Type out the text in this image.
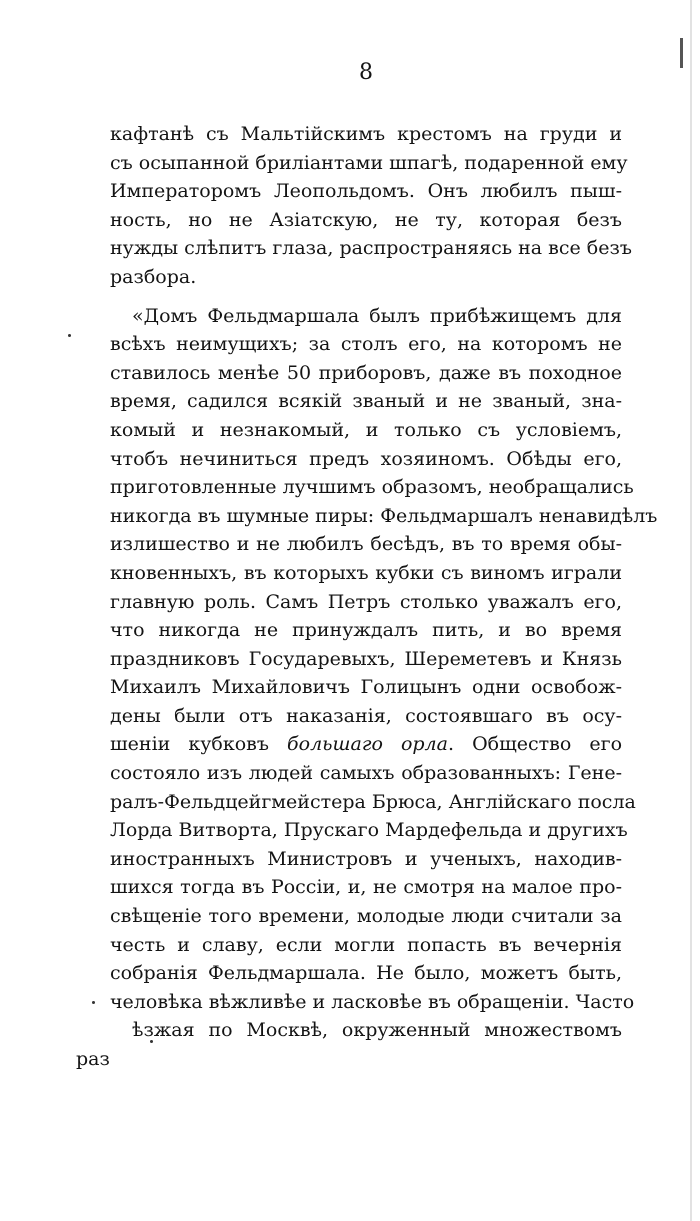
8
кафтанѣ съ Мальтійскимъ крестомъ на груди и
съ осыпанной бриліантами шпагѣ, подаренной ему
Императоромъ Леопольдомъ. Онъ любилъ пыш-
ность, но не Азіатскую, не ту, которая безъ
нужды слѣпитъ глаза, распространяясь на все безъ
разбора.
«Домъ Фельдмаршала былъ прибѣжищемъ для
всѣхъ неимущихъ; за столъ его, на которомъ не
ставилось менѣе 50 приборовъ, даже въ походное
время, садился всякій званый и не званый, зна-
комый и незнакомый, и только съ условіемъ,
чтобъ нечиниться предъ хозяиномъ. Обѣды его,
приготовленные лучшимъ образомъ, необращались
никогда въ шумные пиры: Фельдмаршалъ ненавидѣлъ
излишество и не любилъ бесѣдъ, въ то время обы-
кновенныхъ, въ которыхъ кубки съ виномъ играли
главную роль. Самъ Петръ столько уважалъ его,
что никогда не принуждалъ пить, и во время
праздниковъ Государевыхъ, Шереметевъ и Князь
Михаилъ Михайловичъ Голицынъ одни освобож-
дены были отъ наказанія, состоявшаго въ осу-
шеніи кубковъ большаго орла. Общество его
состояло изъ людей самыхъ образованныхъ: Гене-
ралъ-Фельдцейгмейстера Брюса, Англійскаго посла
Лорда Витворта, Прускаго Мардефельда и другихъ
иностранныхъ Министровъ и ученыхъ, находив-
шихся тогда въ Россіи, и, не смотря на малое про-
свѣщеніе того времени, молодые люди считали за
честь и славу, если могли попасть въ вечернія
собранія Фельдмаршала. Не было, можетъ быть,
человѣка вѣжливѣе и ласковѣе въ обращеніи. Часто
ѣзжая по Москвѣ, окруженный множествомъ
раз
